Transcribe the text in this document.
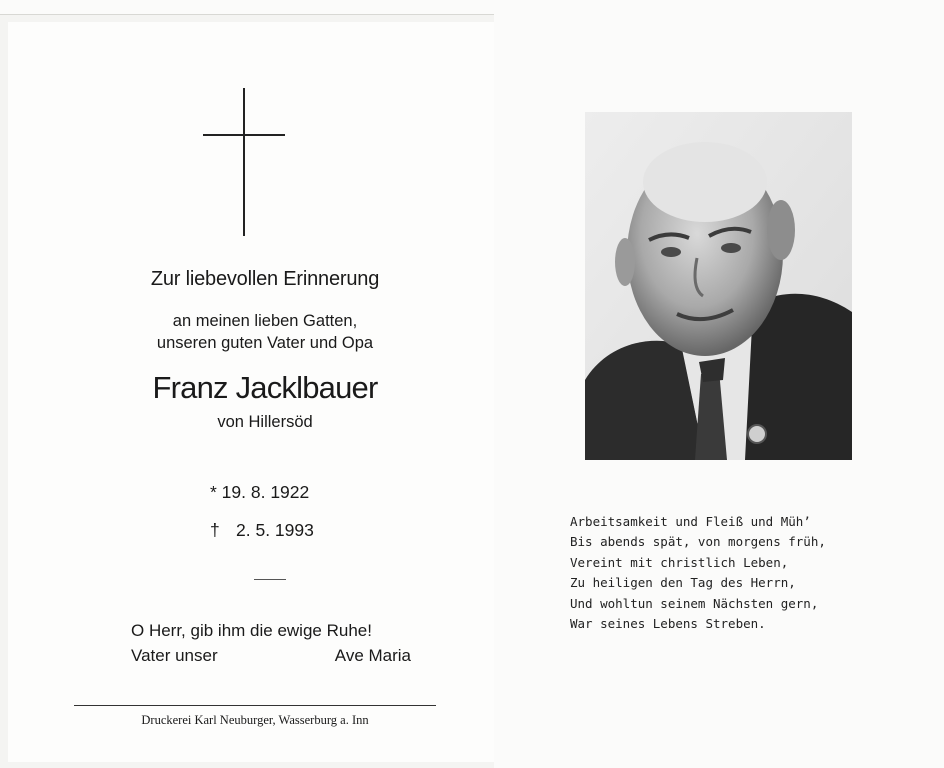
Zur liebevollen Erinnerung
an meinen lieben Gatten,
unseren guten Vater und Opa
Franz Jacklbauer
von Hillersöd
* 19. 8. 1922
† 2. 5. 1993
O Herr, gib ihm die ewige Ruhe!
Vater unser	Ave Maria
Druckerei Karl Neuburger, Wasserburg a. Inn
Arbeitsamkeit und Fleiß und Müh’
Bis abends spät, von morgens früh,
Vereint mit christlich Leben,
Zu heiligen den Tag des Herrn,
Und wohltun seinem Nächsten gern,
War seines Lebens Streben.
